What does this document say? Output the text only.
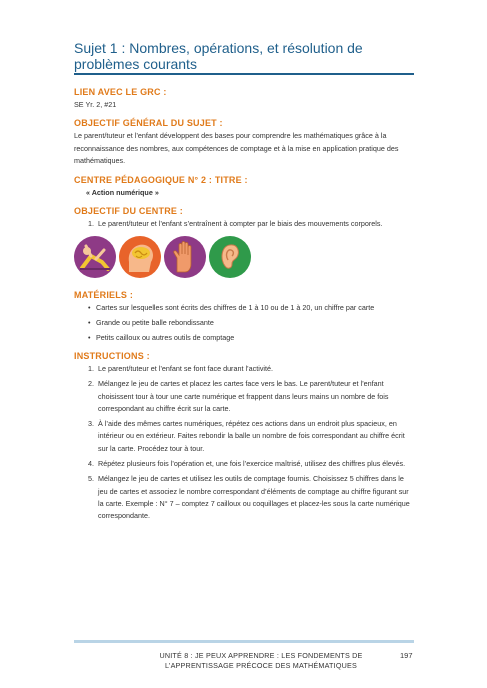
Sujet 1 : Nombres, opérations, et résolution de problèmes courants
LIEN AVEC LE GRC :
SE Yr. 2, #21
OBJECTIF GÉNÉRAL DU SUJET :
Le parent/tuteur et l’enfant développent des bases pour comprendre les mathématiques grâce à la reconnaissance des nombres, aux compétences de comptage et à la mise en application pratique des mathématiques.
CENTRE PÉDAGOGIQUE N° 2 : TITRE :
« Action numérique »
OBJECTIF DU CENTRE :
1. Le parent/tuteur et l’enfant s’entraînent à compter par le biais des mouvements corporels.
MATÉRIELS :
• Cartes sur lesquelles sont écrits des chiffres de 1 à 10 ou de 1 à 20, un chiffre par carte
• Grande ou petite balle rebondissante
• Petits cailloux ou autres outils de comptage
INSTRUCTIONS :
1. Le parent/tuteur et l’enfant se font face durant l’activité.
2. Mélangez le jeu de cartes et placez les cartes face vers le bas. Le parent/tuteur et l’enfant choisissent tour à tour une carte numérique et frappent dans leurs mains un nombre de fois correspondant au chiffre écrit sur la carte.
3. À l’aide des mêmes cartes numériques, répétez ces actions dans un endroit plus spacieux, en intérieur ou en extérieur. Faites rebondir la balle un nombre de fois correspondant au chiffre écrit sur la carte. Procédez tour à tour.
4. Répétez plusieurs fois l’opération et, une fois l’exercice maîtrisé, utilisez des chiffres plus élevés.
5. Mélangez le jeu de cartes et utilisez les outils de comptage fournis. Choisissez 5 chiffres dans le jeu de cartes et associez le nombre correspondant d’éléments de comptage au chiffre figurant sur la carte. Exemple : N° 7 – comptez 7 cailloux ou coquillages et placez-les sous la carte numérique correspondante.
UNITÉ 8 : JE PEUX APPRENDRE : LES FONDEMENTS DE L’APPRENTISSAGE PRÉCOCE DES MATHÉMATIQUES
197
